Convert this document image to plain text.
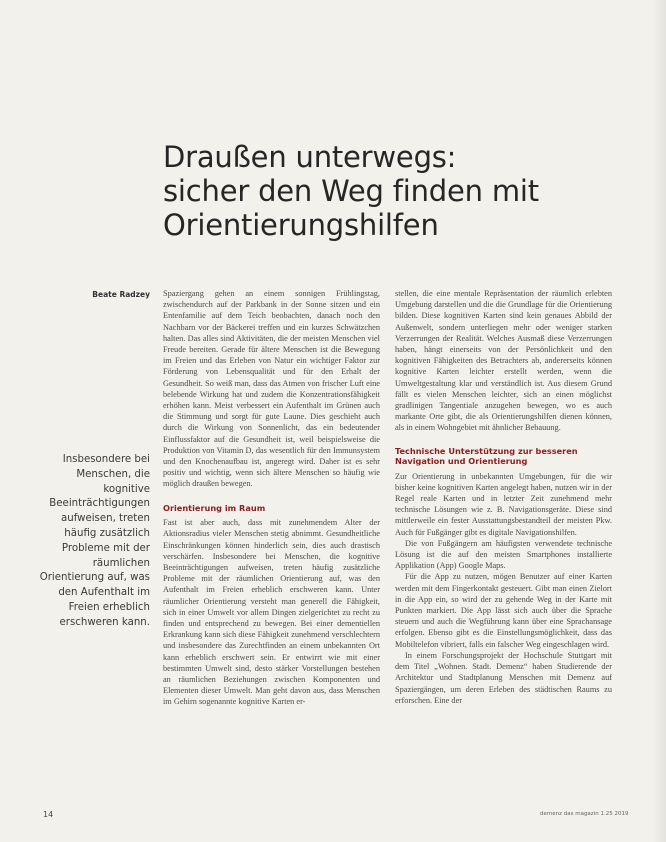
Draußen unterwegs:
sicher den Weg finden mit
Orientierungshilfen
Beate Radzey
Insbesondere bei Menschen, die kognitive Beeinträchtigungen aufweisen, treten häufig zusätzlich Probleme mit der räumlichen Orientierung auf, was den Aufenthalt im Freien erheblich erschweren kann.

Spaziergang gehen an einem sonnigen Frühlingstag, zwischendurch auf der Parkbank in der Sonne sitzen und ein Entenfamilie auf dem Teich beobachten, danach noch den Nachbarn vor der Bäckerei treffen und ein kurzes Schwätzchen halten. Das alles sind Aktivitäten, die der meisten Menschen viel Freude bereiten. Gerade für ältere Menschen ist die Bewegung im Freien und das Erleben von Natur ein wichtiger Faktor zur Förderung von Lebensqualität und für den Erhalt der Gesundheit. So weiß man, dass das Atmen von frischer Luft eine belebende Wirkung hat und zudem die Konzentrationsfähigkeit erhöhen kann. Meist verbessert ein Aufenthalt im Grünen auch die Stimmung und sorgt für gute Laune. Dies geschieht auch durch die Wirkung von Sonnenlicht, das ein bedeutender Einflussfaktor auf die Gesundheit ist, weil beispielsweise die Produktion von Vitamin D, das wesentlich für den Immunsystem und den Knochenaufbau ist, angeregt wird. Daher ist es sehr positiv und wichtig, wenn sich ältere Menschen so häufig wie möglich draußen bewegen.

Orientierung im Raum

Fast ist aber auch, dass mit zunehmendem Alter der Aktionsradius vieler Menschen stetig abnimmt. Gesundheitliche Einschränkungen können hinderlich sein, dies auch drastisch verschärfen. Insbesondere bei Menschen, die kognitive Beeinträchtigungen aufweisen, treten häufig zusätzliche Probleme mit der räumlichen Orientierung auf, was den Aufenthalt im Freien erheblich erschweren kann. Unter räumlicher Orientierung versteht man generell die Fähigkeit, sich in einer Umwelt vor allem Dingen zielgerichtet zu recht zu finden und entsprechend zu bewegen. Bei einer dementiellen Erkrankung kann sich diese Fähigkeit zunehmend verschlechtern und insbesondere das Zurechtfinden an einem unbekannten Ort kann erheblich erschwert sein. Er entwirrt wie mit einer bestimmten Umwelt sind, desto stärker Vorstellungen bestehen an räumlichen Beziehungen zwischen Komponenten und Elementen dieser Umwelt. Man geht davon aus, dass Menschen im Gehirn sogenannte kognitive Karten er-

stellen, die eine mentale Repräsentation der räumlich erlebten Umgebung darstellen und die die Grundlage für die Orientierung bilden. Diese kognitiven Karten sind kein genaues Abbild der Außenwelt, sondern unterliegen mehr oder weniger starken Verzerrungen der Realität. Welches Ausmaß diese Verzerrungen haben, hängt einerseits von der Persönlichkeit und den kognitiven Fähigkeiten des Betrachters ab, andererseits können kognitive Karten leichter erstellt werden, wenn die Umweltgestaltung klar und verständlich ist. Aus diesem Grund fällt es vielen Menschen leichter, sich an einen möglichst gradlinigen Tangentiale anzugehen bewegen, wo es auch markante Orte gibt, die als Orientierungshilfen dienen können, als in einem Wohngebiet mit ähnlicher Bebauung.

Technische Unterstützung zur besseren Navigation und Orientierung

Zur Orientierung in unbekannten Umgebungen, für die wir bisher keine kognitiven Karten angelegt haben, nutzen wir in der Regel reale Karten und in letzter Zeit zunehmend mehr technische Lösungen wie z. B. Navigationsgeräte. Diese sind mittlerweile ein fester Ausstattungsbestandteil der meisten Pkw. Auch für Fußgänger gibt es digitale Navigationshilfen.

Die von Fußgängern am häufigsten verwendete technische Lösung ist die auf den meisten Smartphones installierte Applikation (App) Google Maps.

Für die App zu nutzen, mögen Benutzer auf einer Karten werden mit dem Fingerkontakt gesteuert. Gibt man einen Zielort in die App ein, so wird der zu gehende Weg in der Karte mit Punkten markiert. Die App lässt sich auch über die Sprache steuern und auch die Wegführung kann über eine Sprachansage erfolgen. Ebenso gibt es die Einstellungsmöglichkeit, dass das Mobiltelefon vibriert, falls ein falscher Weg eingeschlagen wird.

In einem Forschungsprojekt der Hochschule Stuttgart mit dem Titel „Wohnen. Stadt. Demenz“ haben Studierende der Architektur und Stadtplanung Menschen mit Demenz auf Spaziergängen, um deren Erleben des städtischen Raums zu erforschen. Eine der

14	demenz das magazin 1.25 2019
